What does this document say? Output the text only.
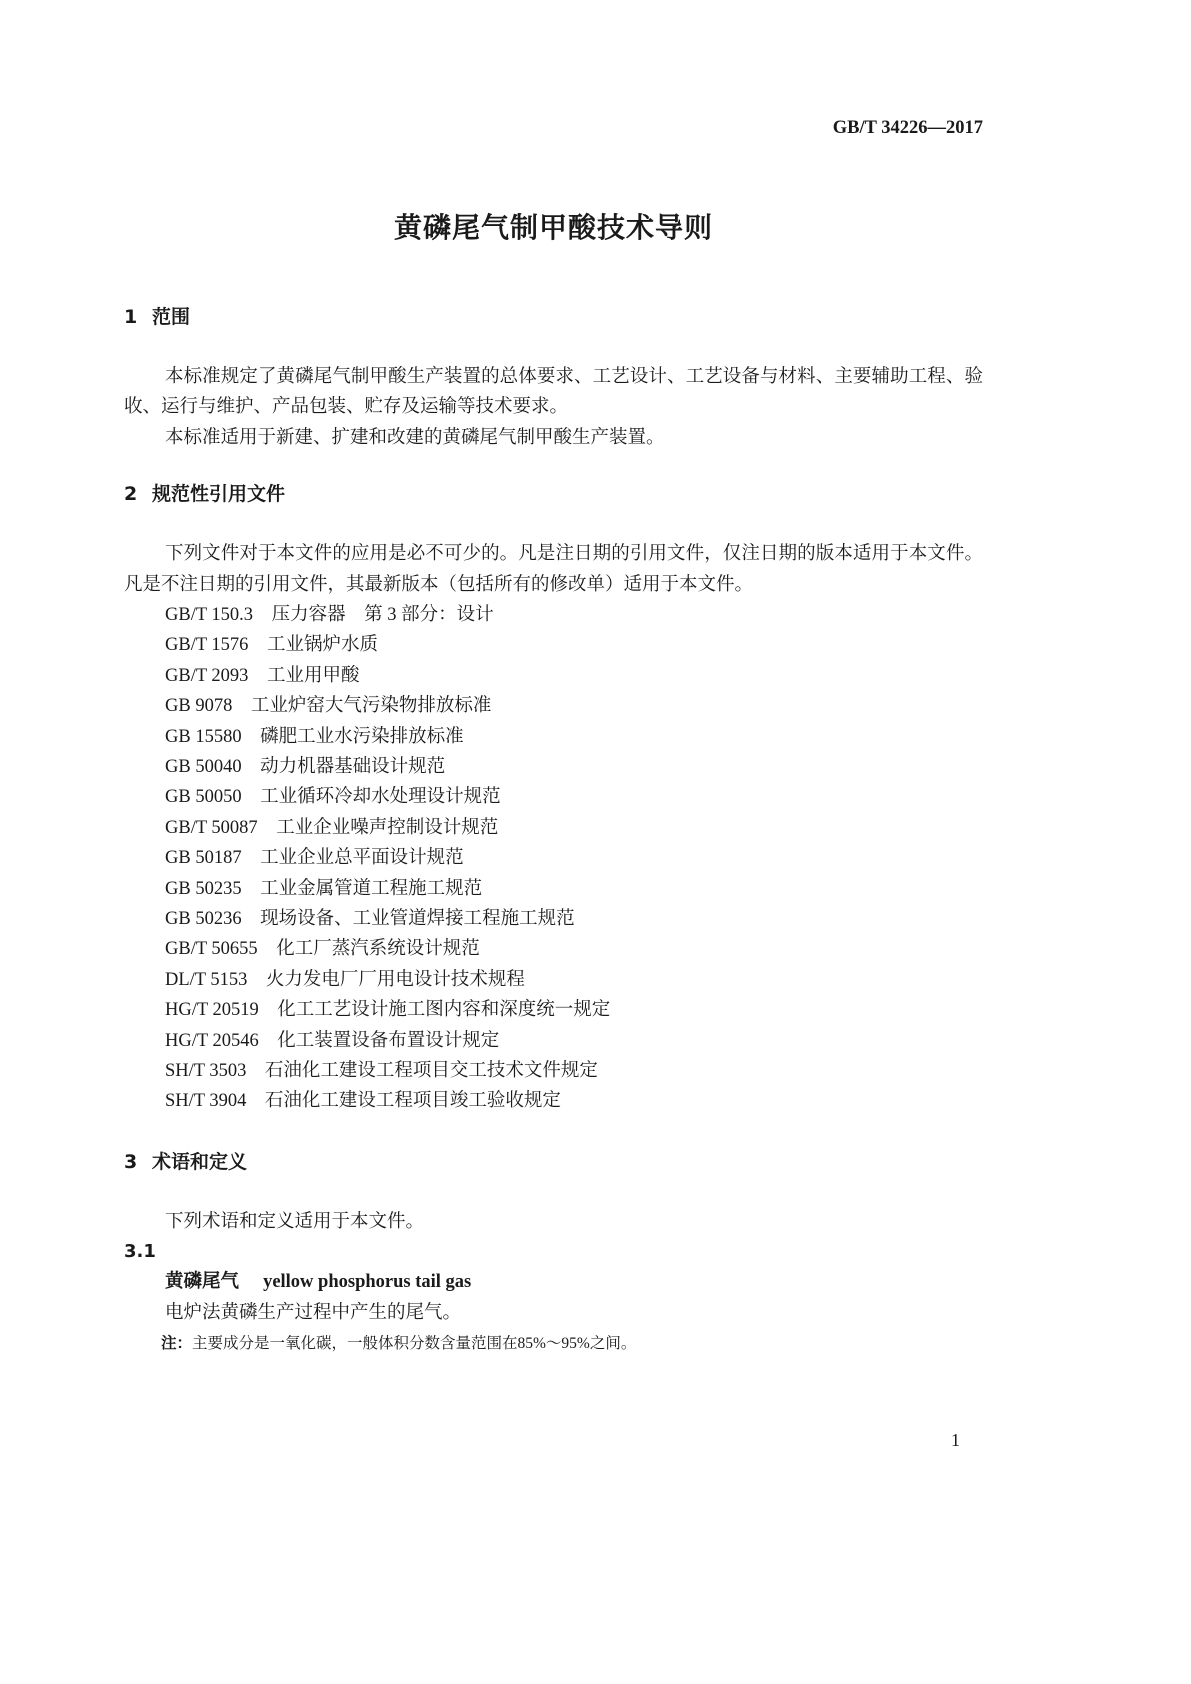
GB/T 34226—2017
黄磷尾气制甲酸技术导则
1 范围

本标准规定了黄磷尾气制甲酸生产装置的总体要求、工艺设计、工艺设备与材料、主要辅助工程、验收、运行与维护、产品包装、贮存及运输等技术要求。

本标准适用于新建、扩建和改建的黄磷尾气制甲酸生产装置。

2 规范性引用文件

下列文件对于本文件的应用是必不可少的。凡是注日期的引用文件，仅注日期的版本适用于本文件。凡是不注日期的引用文件，其最新版本（包括所有的修改单）适用于本文件。

GB/T 150.3 压力容器　第 3 部分：设计
GB/T 1576 工业锅炉水质
GB/T 2093 工业用甲酸
GB 9078 工业炉窑大气污染物排放标准
GB 15580 磷肥工业水污染排放标准
GB 50040 动力机器基础设计规范
GB 50050 工业循环冷却水处理设计规范
GB/T 50087 工业企业噪声控制设计规范
GB 50187 工业企业总平面设计规范
GB 50235 工业金属管道工程施工规范
GB 50236 现场设备、工业管道焊接工程施工规范
GB/T 50655 化工厂蒸汽系统设计规范
DL/T 5153 火力发电厂厂用电设计技术规程
HG/T 20519 化工工艺设计施工图内容和深度统一规定
HG/T 20546 化工装置设备布置设计规定
SH/T 3503 石油化工建设工程项目交工技术文件规定
SH/T 3904 石油化工建设工程项目竣工验收规定
3 术语和定义

下列术语和定义适用于本文件。

3.1
黄磷尾气 yellow phosphorus tail gas
电炉法黄磷生产过程中产生的尾气。
注：主要成分是一氧化碳，一般体积分数含量范围在85%～95%之间。
1
